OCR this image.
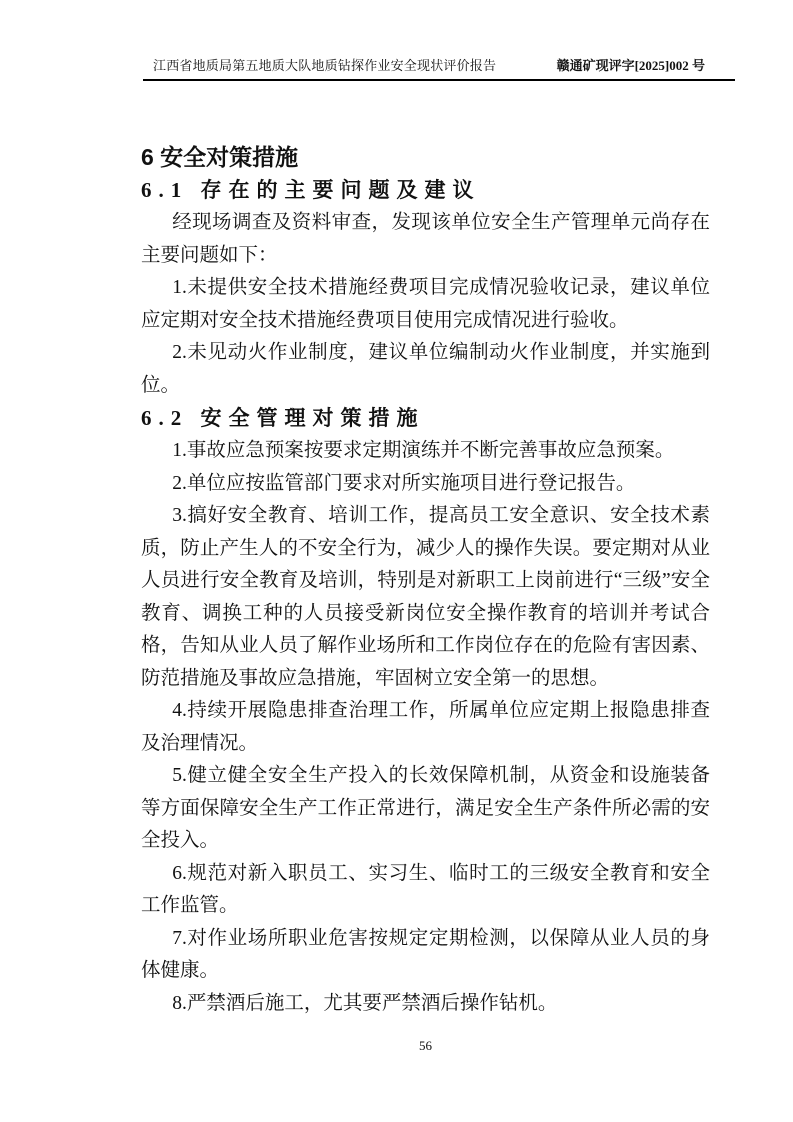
江西省地质局第五地质大队地质钻探作业安全现状评价报告	赣通矿现评字[2025]002 号
6 安全对策措施
6.1 存在的主要问题及建议

经现场调查及资料审查，发现该单位安全生产管理单元尚存在主要问题如下：

1.未提供安全技术措施经费项目完成情况验收记录，建议单位应定期对安全技术措施经费项目使用完成情况进行验收。

2.未见动火作业制度，建议单位编制动火作业制度，并实施到位。

6.2 安全管理对策措施

1.事故应急预案按要求定期演练并不断完善事故应急预案。

2.单位应按监管部门要求对所实施项目进行登记报告。

3.搞好安全教育、培训工作，提高员工安全意识、安全技术素质，防止产生人的不安全行为，减少人的操作失误。要定期对从业人员进行安全教育及培训，特别是对新职工上岗前进行“三级”安全教育、调换工种的人员接受新岗位安全操作教育的培训并考试合格，告知从业人员了解作业场所和工作岗位存在的危险有害因素、防范措施及事故应急措施，牢固树立安全第一的思想。

4.持续开展隐患排查治理工作，所属单位应定期上报隐患排查及治理情况。

5.健立健全安全生产投入的长效保障机制，从资金和设施装备等方面保障安全生产工作正常进行，满足安全生产条件所必需的安全投入。

6.规范对新入职员工、实习生、临时工的三级安全教育和安全工作监管。

7.对作业场所职业危害按规定定期检测，以保障从业人员的身体健康。

8.严禁酒后施工，尤其要严禁酒后操作钻机。

56
